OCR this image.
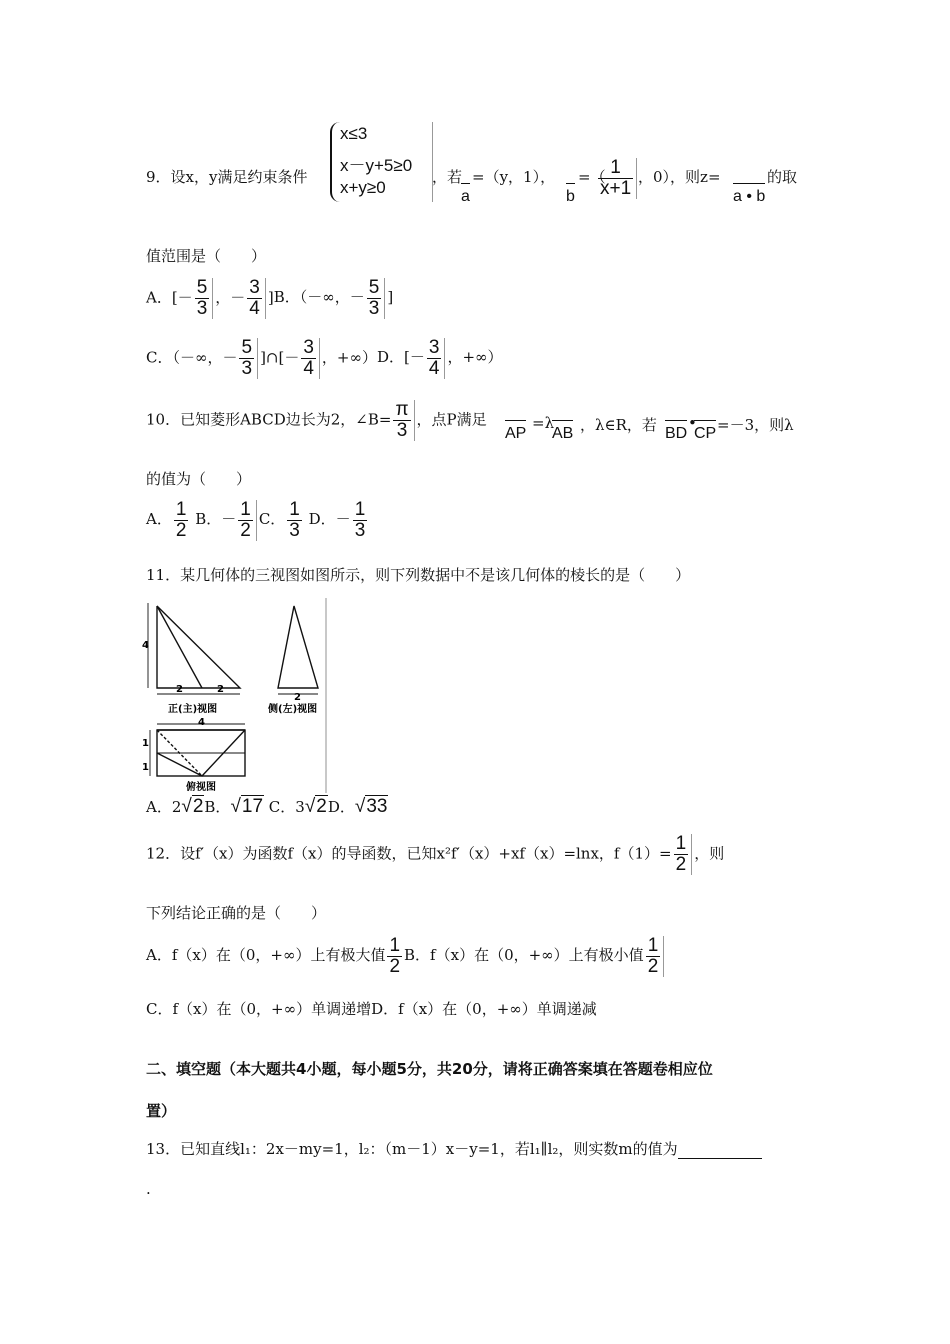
9．设x，y满足约束条件
x≤3
x－y+5≥0
x+y≥0
，若
a
=（y，1），
b
=（
$\frac{1}{x+1}$ ，0），则z=
a • b
的取
值范围是（　　）
A．[－ $\frac{5}{3}$ ，－ $\frac{3}{4} ]B$．（－∞，－ $\frac{5}{3}$ ]
C．（－∞，－ $\frac{5}{3}$ ]∩[－ $\frac{3}{4}$ ，+∞）D．[－ $\frac{3}{4}$ ，+∞）
10．已知菱形ABCD边长为2，∠B= $\frac{\pi}{3}$ ，点P满足
AP
=λ
AB ，λ∈R，若 BD
•
CP =－3，则λ
的值为（　　）
A． $\frac{1}{2}$ B．－ $\frac{1}{2}$ C． $\frac{1}{3}$ D．－ $\frac{1}{3}$
11．某几何体的三视图如图所示，则下列数据中不是该几何体的棱长的是（　　）
4
2	2
正(主)视图
2
侧(左)视图
4
1
1
俯视图
A．2√2B．√17 C．3√2D．√33
12．设f′（x）为函数f（x）的导函数，已知x²f′（x）+xf（x）=lnx，$f(1)= \frac{1}{2}$ ，则
下列结论正确的是（　　）
A．f（x）在（0，+∞）上有极大值 $\frac{1}{2}$ B．f（x）在（0，+∞）上有极小值 $\frac{1}{2}$
C．f（x）在（0，+∞）单调递增D．f（x）在（0，+∞）单调递减
二、填空题（本大题共4小题，每小题5分，共20分，请将正确答案填在答题卷相应位
置）
13．已知直线l₁：2x－my=1，l₂：（m－1）x－y=1，若l₁∥l₂，则实数m的值为
.
